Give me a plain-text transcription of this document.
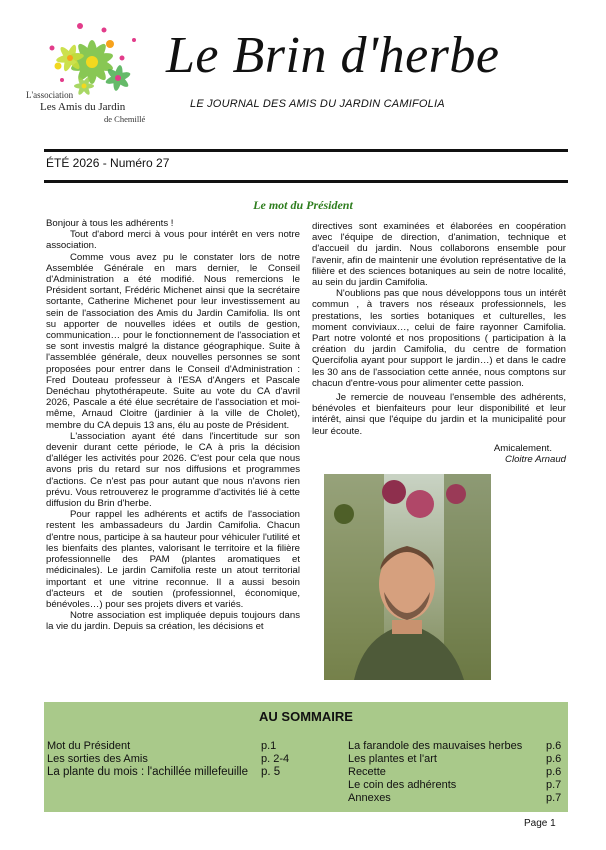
L'association
Les Amis du Jardin
de Chemillé
Le Brin d'herbe
LE JOURNAL DES AMIS DU JARDIN CAMIFOLIA
ÉTÉ 2026 - Numéro 27
Le mot du Président

Bonjour à tous les adhérents !

Tout d'abord merci à vous pour intérêt en vers notre association.

Comme vous avez pu le constater lors de notre Assemblée Générale en mars dernier, le Conseil d'Administration a été modifié. Nous remercions le Président sortant, Frédéric Michenet ainsi que la secrétaire sortante, Catherine Michenet pour leur investissement au sein de l'association des Amis du Jardin Camifolia. Ils ont su apporter de nouvelles idées et outils de gestion, communication… pour le fonctionnement de l'association et se sont investis malgré la distance géographique. Suite à l'assemblée générale, deux nouvelles personnes se sont proposées pour entrer dans le Conseil d'Administration : Fred Douteau professeur à l'ESA d'Angers et Pascale Denéchau phytothérapeute. Suite au vote du CA d'avril 2026, Pascale a été élue secrétaire de l'association et moi-même, Arnaud Cloitre (jardinier à la ville de Cholet), membre du CA depuis 13 ans, élu au poste de Président.

L'association ayant été dans l'incertitude sur son devenir durant cette période, le CA à pris la décision d'alléger les activités pour 2026. C'est pour cela que nous avons pris du retard sur nos diffusions et programmes d'actions. Ce n'est pas pour autant que nous n'avons rien prévu. Vous retrouverez le programme d'activités lié à cette diffusion du Brin d'herbe.

Pour rappel les adhérents et actifs de l'association restent les ambassadeurs du Jardin Camifolia. Chacun d'entre nous, participe à sa hauteur pour véhiculer l'utilité et les bienfaits des plantes, valorisant le territoire et la filière professionnelle des PAM (plantes aromatiques et médicinales). Le jardin Camifolia reste un atout territorial important et une vitrine reconnue. Il a aussi besoin d'acteurs et de soutien (professionnel, économique, bénévoles…) pour ses projets divers et variés.

Notre association est impliquée depuis toujours dans la vie du jardin. Depuis sa création, les décisions et

directives sont examinées et élaborées en coopération avec l'équipe de direction, d'animation, technique et d'accueil du jardin. Nous collaborons ensemble pour l'avenir, afin de maintenir une évolution représentative de la filière et des sciences botaniques au sein de notre localité, au sein du jardin Camifolia.

N'oublions pas que nous développons tous un intérêt commun , à travers nos réseaux professionnels, les prestations, les sorties botaniques et culturelles, les moment conviviaux…, celui de faire rayonner Camifolia. Part notre volonté et nos propositions ( participation à la création du jardin Camifolia, du centre de formation Quercifolia ayant pour support le jardin…) et dans le cadre les 30 ans de l'association cette année, nous comptons sur chacun d'entre-vous pour alimenter cette passion.

Je remercie de nouveau l'ensemble des adhérents, bénévoles et bienfaiteurs pour leur disponibilité et leur intérêt, ainsi que l'équipe du jardin et la municipalité pour leur écoute.

Amicalement.

Cloitre Arnaud

AU SOMMAIRE
Mot du Président	p.1
Les sorties des Amis	p. 2-4
La plante du mois : l'achillée millefeuille p. 5
La farandole des mauvaises herbes p.6
Les plantes et l'art	p.6
Recette	p.6
Le coin des adhérents	p.7
Annexes	p.7
Page 1
